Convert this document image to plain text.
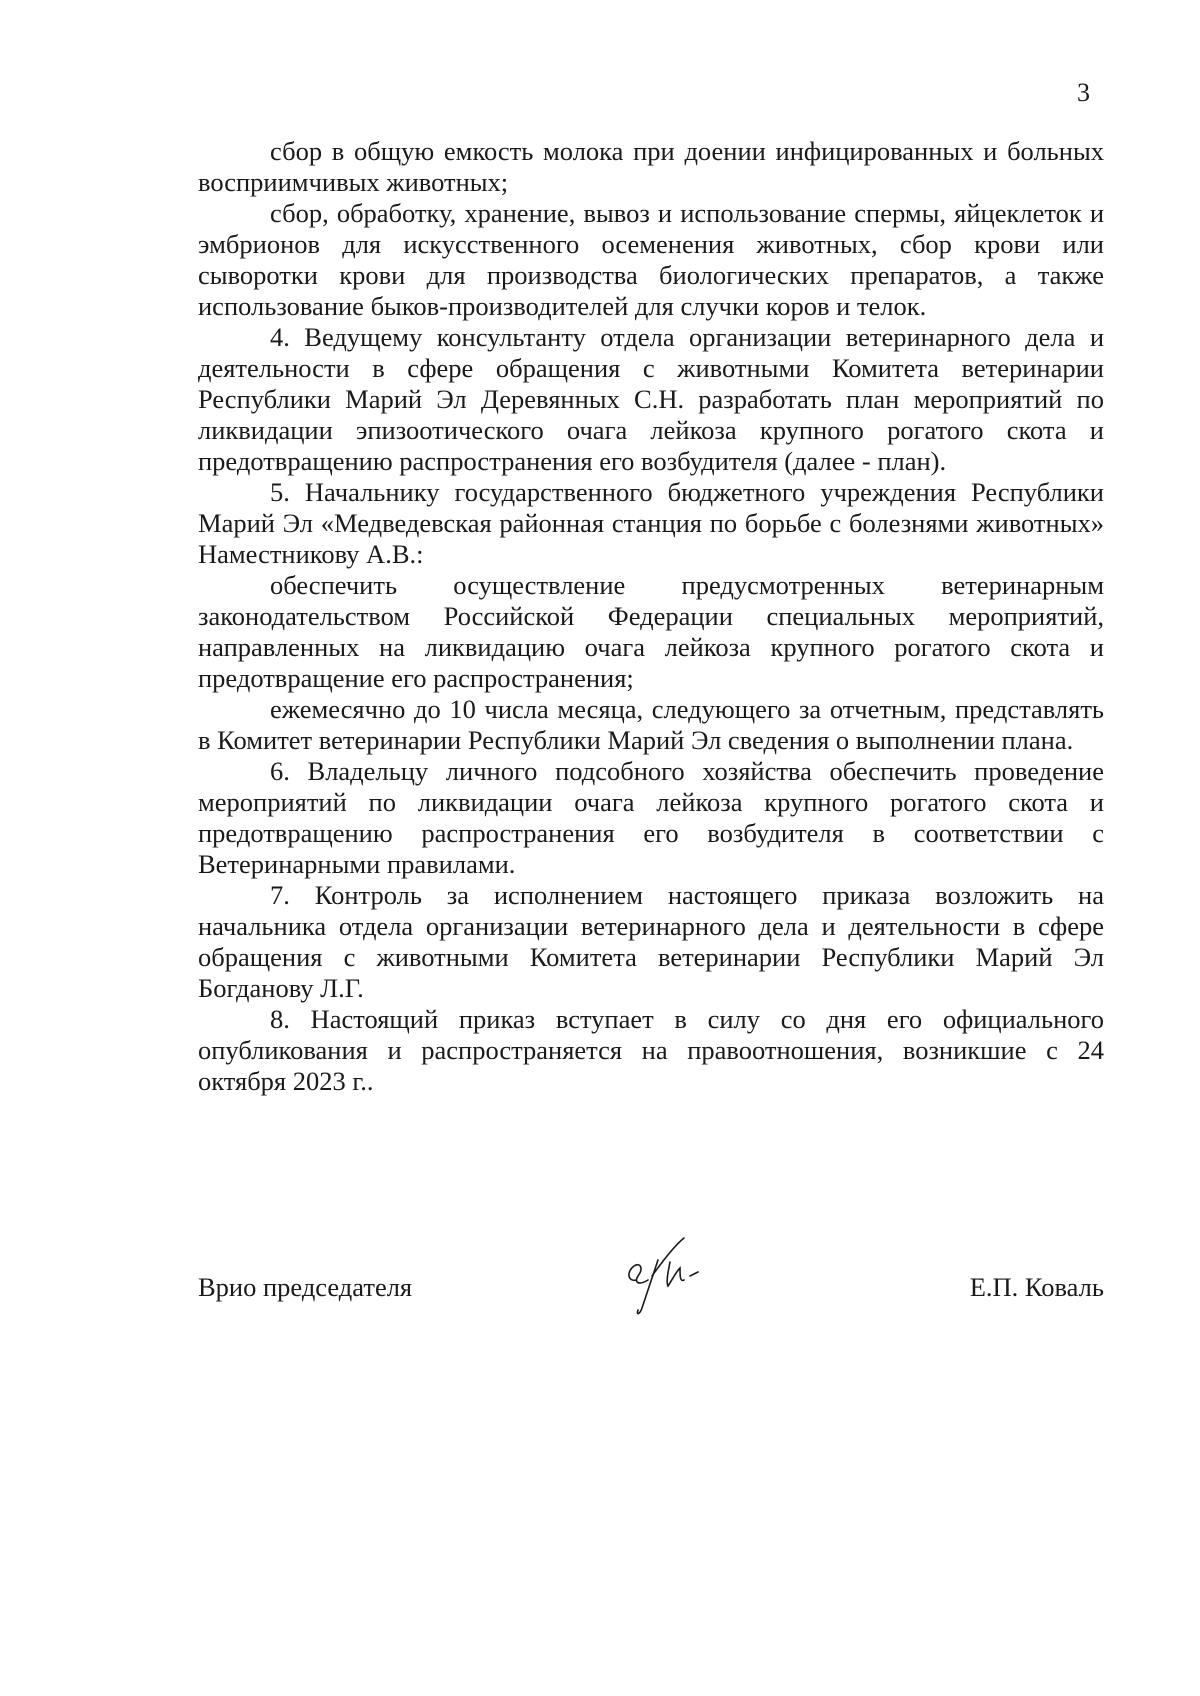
3

сбор в общую емкость молока при доении инфицированных и больных восприимчивых животных;

сбор, обработку, хранение, вывоз и использование спермы, яйцеклеток и эмбрионов для искусственного осеменения животных, сбор крови или сыворотки крови для производства биологических препаратов, а также использование быков-производителей для случки коров и телок.

4. Ведущему консультанту отдела организации ветеринарного дела и деятельности в сфере обращения с животными Комитета ветеринарии Республики Марий Эл Деревянных С.Н. разработать план мероприятий по ликвидации эпизоотического очага лейкоза крупного рогатого скота и предотвращению распространения его возбудителя (далее - план).

5. Начальнику государственного бюджетного учреждения Республики Марий Эл «Медведевская районная станция по борьбе с болезнями животных» Наместникову А.В.:

обеспечить осуществление предусмотренных ветеринарным законодательством Российской Федерации специальных мероприятий, направленных на ликвидацию очага лейкоза крупного рогатого скота и предотвращение его распространения;

ежемесячно до 10 числа месяца, следующего за отчетным, представлять в Комитет ветеринарии Республики Марий Эл сведения о выполнении плана.

6. Владельцу личного подсобного хозяйства обеспечить проведение мероприятий по ликвидации очага лейкоза крупного рогатого скота и предотвращению распространения его возбудителя в соответствии с Ветеринарными правилами.

7. Контроль за исполнением настоящего приказа возложить на начальника отдела организации ветеринарного дела и деятельности в сфере обращения с животными Комитета ветеринарии Республики Марий Эл Богданову Л.Г.

8. Настоящий приказ вступает в силу со дня его официального опубликования и распространяется на правоотношения, возникшие с 24 октября 2023 г..

Врио председателя	Е.П. Коваль
